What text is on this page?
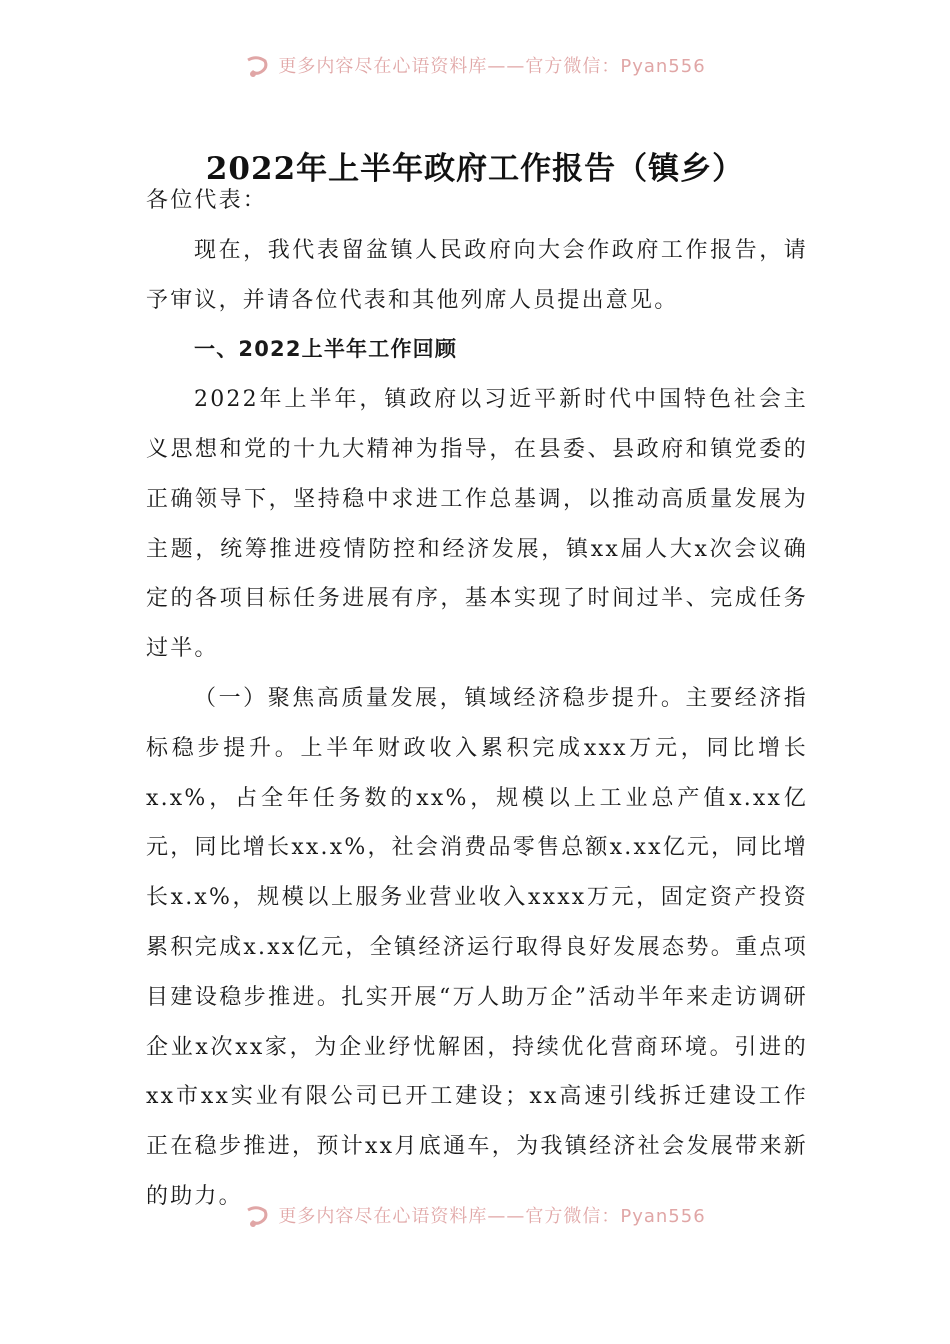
更多内容尽在心语资料库——官方微信：Pyan556
2022年上半年政府工作报告（镇乡）

各位代表：

现在，我代表留盆镇人民政府向大会作政府工作报告，请予审议，并请各位代表和其他列席人员提出意见。

一、2022上半年工作回顾

2022年上半年，镇政府以习近平新时代中国特色社会主义思想和党的十九大精神为指导，在县委、县政府和镇党委的正确领导下，坚持稳中求进工作总基调，以推动高质量发展为主题，统筹推进疫情防控和经济发展，镇xx届人大x次会议确定的各项目标任务进展有序，基本实现了时间过半、完成任务过半。

（一）聚焦高质量发展，镇域经济稳步提升。主要经济指标稳步提升。上半年财政收入累积完成xxx万元，同比增长x.x%，占全年任务数的xx%，规模以上工业总产值x.xx亿元，同比增长xx.x%，社会消费品零售总额x.xx亿元，同比增长x.x%，规模以上服务业营业收入xxxx万元，固定资产投资累积完成x.xx亿元，全镇经济运行取得良好发展态势。重点项目建设稳步推进。扎实开展“万人助万企”活动半年来走访调研企业x次xx家，为企业纾忧解困，持续优化营商环境。引进的xx市xx实业有限公司已开工建设；xx高速引线拆迁建设工作正在稳步推进，预计xx月底通车，为我镇经济社会发展带来新的助力。

更多内容尽在心语资料库——官方微信：Pyan556
